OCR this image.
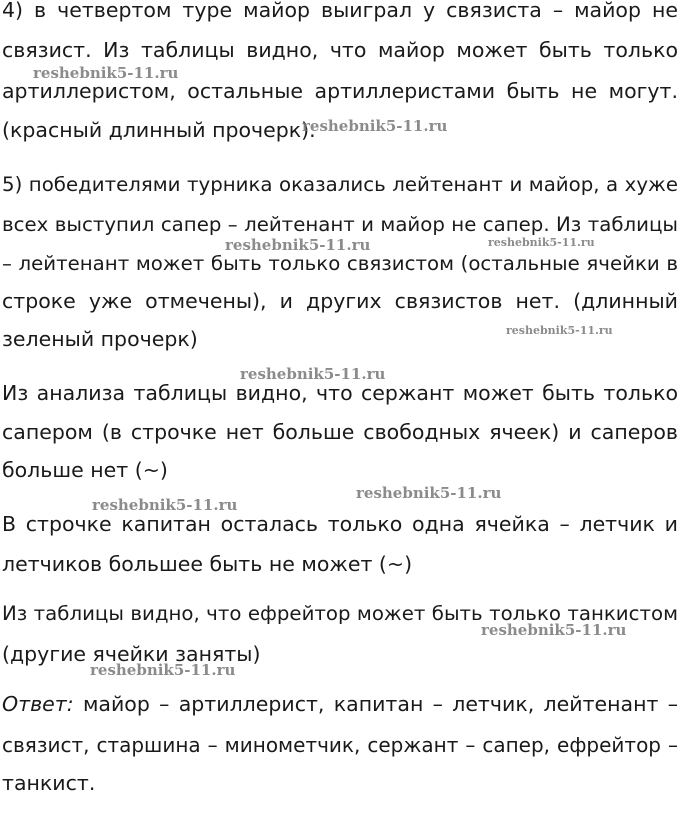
4) в четвертом туре майор выиграл у связиста – майор не
связист. Из таблицы видно, что майор может быть только
артиллеристом, остальные артиллеристами быть не могут.
(красный длинный прочерк).
5) победителями турника оказались лейтенант и майор, а хуже
всех выступил сапер – лейтенант и майор не сапер. Из таблицы
– лейтенант может быть только связистом (остальные ячейки в
строке уже отмечены), и других связистов нет. (длинный
зеленый прочерк)
Из анализа таблицы видно, что сержант может быть только
сапером (в строчке нет больше свободных ячеек) и саперов
больше нет (~)
В строчке капитан осталась только одна ячейка – летчик и
летчиков большее быть не может (~)
Из таблицы видно, что ефрейтор может быть только танкистом
(другие ячейки заняты)
Ответ: майор – артиллерист, капитан – летчик, лейтенант –
связист, старшина – минометчик, сержант – сапер, ефрейтор –
танкист.
reshebnik5-11.ru
reshebnik5-11.ru
reshebnik5-11.ru	reshebnik5-11.ru
reshebnik5-11.ru
reshebnik5-11.ru
reshebnik5-11.ru
reshebnik5-11.ru
reshebnik5-11.ru
reshebnik5-11.ru
